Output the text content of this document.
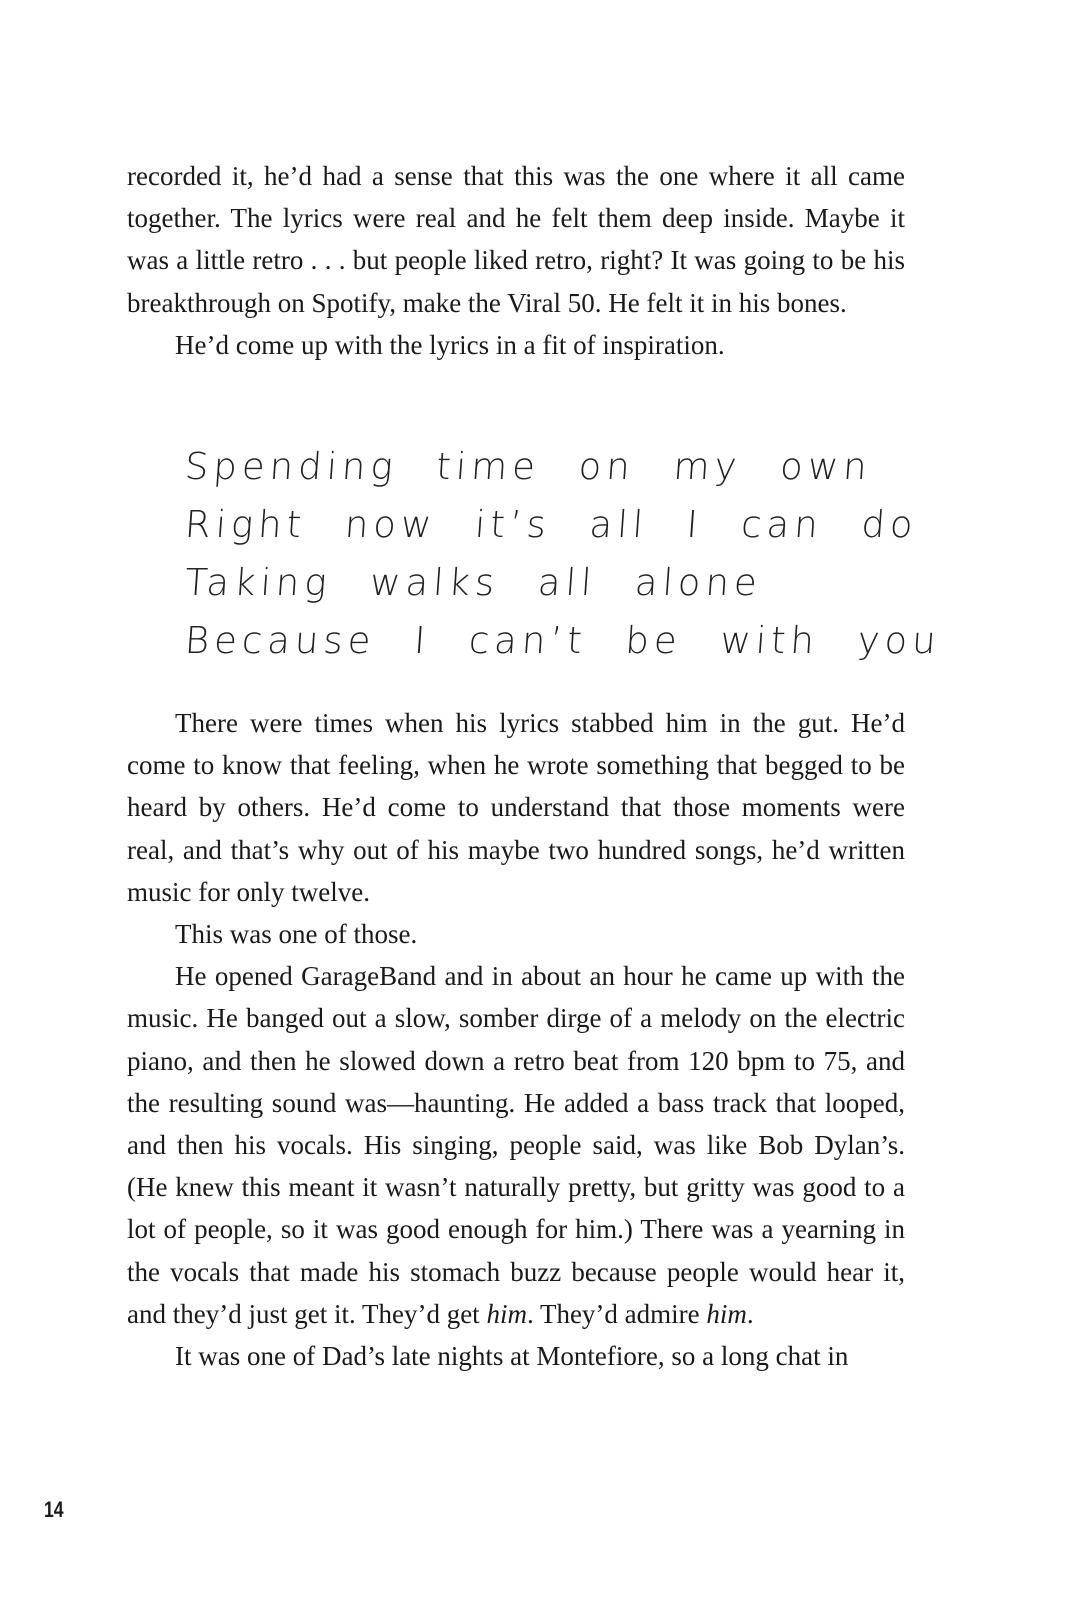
recorded it, he’d had a sense that this was the one where it all came together. The lyrics were real and he felt them deep inside. Maybe it was a little retro . . . but people liked retro, right? It was going to be his breakthrough on Spotify, make the Viral 50. He felt it in his bones.

He’d come up with the lyrics in a fit of inspiration.

Spending time on my own
Right now it’s all I can do
Taking walks all alone
Because I can’t be with you

There were times when his lyrics stabbed him in the gut. He’d come to know that feeling, when he wrote something that begged to be heard by others. He’d come to understand that those moments were real, and that’s why out of his maybe two hundred songs, he’d written music for only twelve.

This was one of those.

He opened GarageBand and in about an hour he came up with the music. He banged out a slow, somber dirge of a melody on the electric piano, and then he slowed down a retro beat from 120 bpm to 75, and the resulting sound was—haunting. He added a bass track that looped, and then his vocals. His singing, people said, was like Bob Dylan’s. (He knew this meant it wasn’t naturally pretty, but gritty was good to a lot of people, so it was good enough for him.) There was a yearning in the vocals that made his stomach buzz because people would hear it, and they’d just get it. They’d get him. They’d admire him.

It was one of Dad’s late nights at Montefiore, so a long chat in

14
